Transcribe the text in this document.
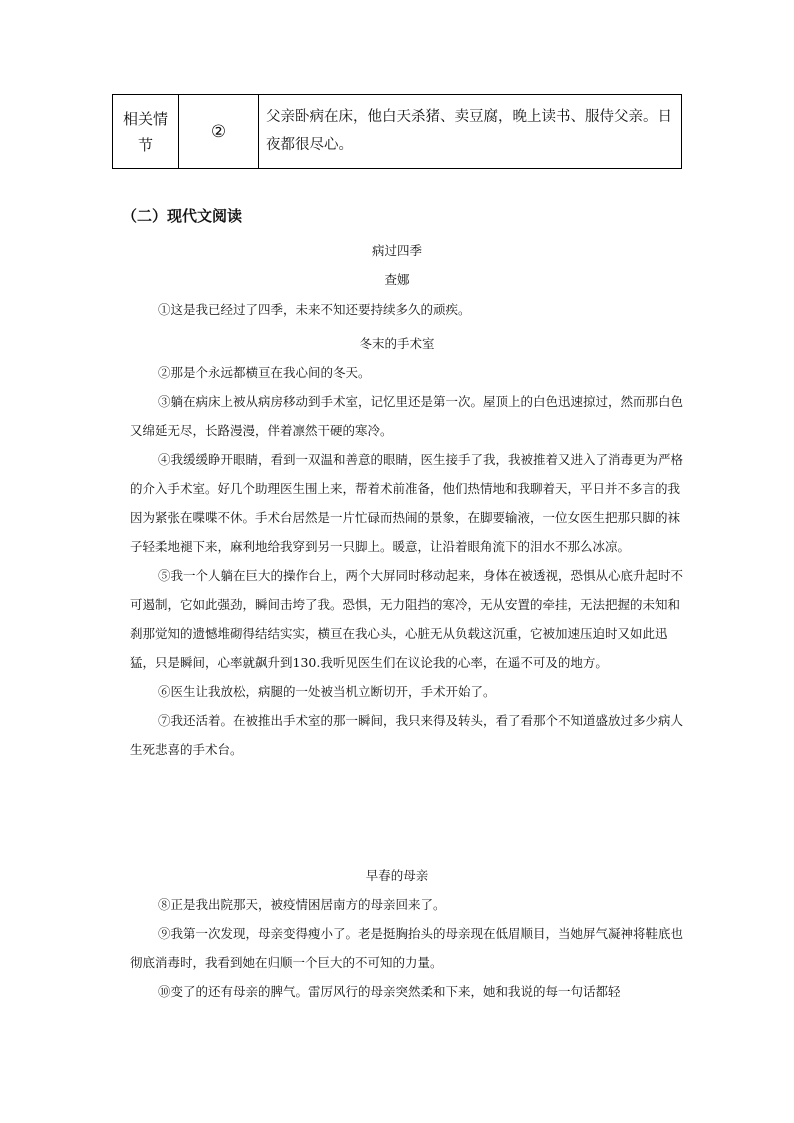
相关情节
②
父亲卧病在床，他白天杀猪、卖豆腐，晚上读书、服侍父亲。日夜都很尽心。
（二）现代文阅读
病过四季
查娜

①这是我已经过了四季，未来不知还要持续多久的顽疾。

冬末的手术室

②那是个永远都横亘在我心间的冬天。

③躺在病床上被从病房移动到手术室，记忆里还是第一次。屋顶上的白色迅速掠过，然而那白色又绵延无尽，长路漫漫，伴着凛然干硬的寒冷。

④我缓缓睁开眼睛，看到一双温和善意的眼睛，医生接手了我，我被推着又进入了消毒更为严格的介入手术室。好几个助理医生围上来，帮着术前准备，他们热情地和我聊着天，平日并不多言的我因为紧张在喋喋不休。手术台居然是一片忙碌而热闹的景象，在脚要输液，一位女医生把那只脚的袜子轻柔地褪下来，麻利地给我穿到另一只脚上。暖意，让沿着眼角流下的泪水不那么冰凉。

⑤我一个人躺在巨大的操作台上，两个大屏同时移动起来，身体在被透视，恐惧从心底升起时不可遏制，它如此强劲，瞬间击垮了我。恐惧，无力阻挡的寒冷，无从安置的牵挂，无法把握的未知和刹那觉知的遗憾堆砌得结结实实，横亘在我心头，心脏无从负载这沉重，它被加速压迫时又如此迅猛，只是瞬间，心率就飙升到130.我听见医生们在议论我的心率，在遥不可及的地方。

⑥医生让我放松，病腿的一处被当机立断切开，手术开始了。

⑦我还活着。在被推出手术室的那一瞬间，我只来得及转头，看了看那个不知道盛放过多少病人生死悲喜的手术台。

早春的母亲

⑧正是我出院那天，被疫情困居南方的母亲回来了。

⑨我第一次发现，母亲变得瘦小了。老是挺胸抬头的母亲现在低眉顺目，当她屏气凝神将鞋底也彻底消毒时，我看到她在归顺一个巨大的不可知的力量。

⑩变了的还有母亲的脾气。雷厉风行的母亲突然柔和下来，她和我说的每一句话都轻
